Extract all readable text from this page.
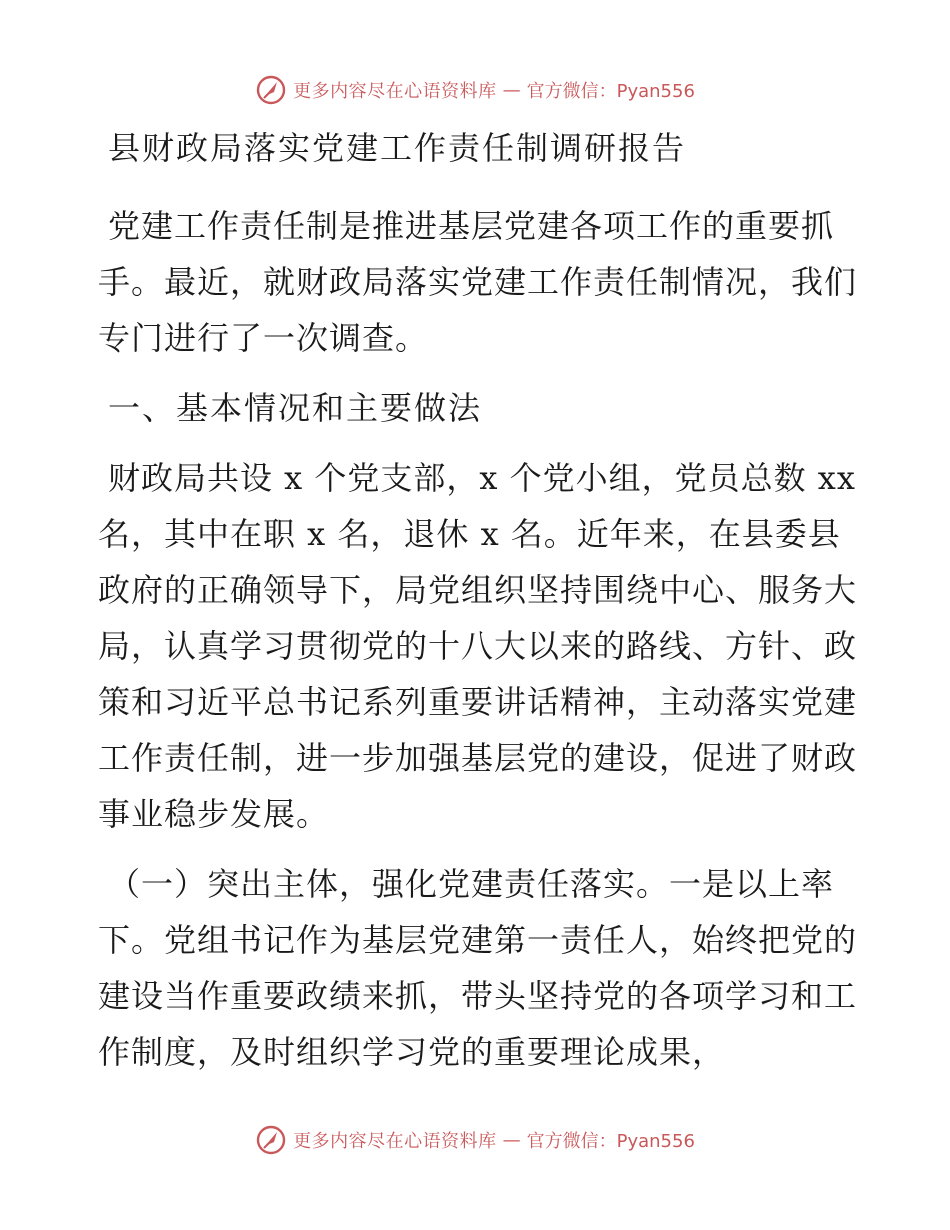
更多内容尽在心语资料库 — 官方微信：Pyan556
县财政局落实党建工作责任制调研报告

党建工作责任制是推进基层党建各项工作的重要抓手。最近，就财政局落实党建工作责任制情况，我们专门进行了一次调查。

一、基本情况和主要做法

财政局共设 x 个党支部，x 个党小组，党员总数 xx 名，其中在职 x 名，退休 x 名。近年来，在县委县政府的正确领导下，局党组织坚持围绕中心、服务大局，认真学习贯彻党的十八大以来的路线、方针、政策和习近平总书记系列重要讲话精神，主动落实党建工作责任制，进一步加强基层党的建设，促进了财政事业稳步发展。

（一）突出主体，强化党建责任落实。一是以上率下。党组书记作为基层党建第一责任人，始终把党的建设当作重要政绩来抓，带头坚持党的各项学习和工作制度，及时组织学习党的重要理论成果，

更多内容尽在心语资料库 — 官方微信：Pyan556
